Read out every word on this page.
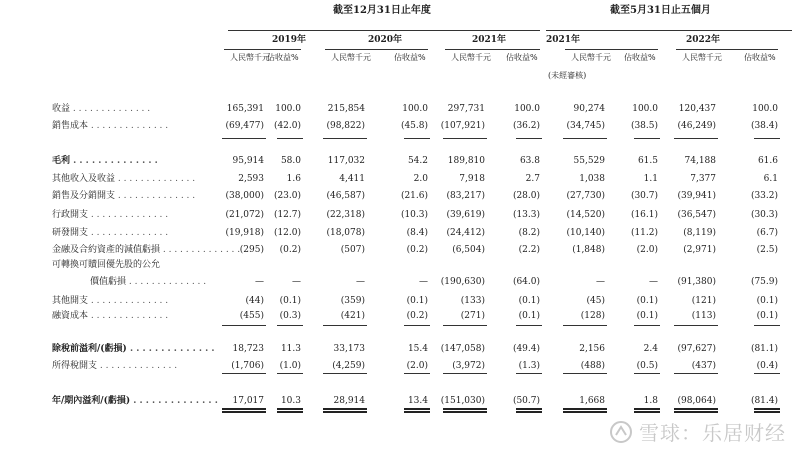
截至12月31日止年度	截至5月31日止五個月
2019年	2020年	2021年	2021年	2022年
人民幣千元
佔收益%	人民幣千元	佔收益%	人民幣千元 佔收益%	人民幣千元 佔收益%	人民幣千元	佔收益%
(未經審核)
收益 . . . . . . . . . . . . . .	165,391	100.0	215,854	100.0	297,731	100.0	90,274	100.0	120,437	100.0
銷售成本 . . . . . . . . . . . . . .	(69,477)	(42.0)	(98,822)	(45.8)	(107,921)	(36.2)	(34,745)	(38.5)	(46,249)	(38.4)
毛利 . . . . . . . . . . . . . .	95,914	58.0	117,032	54.2	189,810	63.8	55,529	61.5	74,188	61.6
其他收入及收益 . . . . . . . . . . . . . .	2,593	1.6	4,411	2.0	7,918	2.7	1,038	1.1	7,377	6.1
銷售及分銷開支 . . . . . . . . . . . . . .	(38,000)	(23.0)	(46,587)	(21.6)	(83,217)	(28.0)	(27,730)	(30.7)	(39,941)	(33.2)
行政開支 . . . . . . . . . . . . . .	(21,072)	(12.7)	(22,318)	(10.3)	(39,619)	(13.3)	(14,520)	(16.1)	(36,547)	(30.3)
研發開支 . . . . . . . . . . . . . .	(19,918)	(12.0)	(18,078)	(8.4)	(24,412)	(8.2)	(10,140)	(11.2)	(8,119)	(6.7)
金融及合約資產的減值虧損 . . . . . . . . . . . . . . (295)	(0.2)	(507)	(0.2)	(6,504)	(2.2)	(1,848)	(2.0)	(2,971)	(2.5)
可轉換可贖回優先股的公允
價值虧損 . . . . . . . . . . . . . .	—	—	—	—	(190,630)	(64.0)	—	—	(91,380)	(75.9)
其他開支 . . . . . . . . . . . . . .	(44)	(0.1)	(359)	(0.1)	(133)	(0.1)	(45)	(0.1)	(121)	(0.1)
融資成本 . . . . . . . . . . . . . .	(455)	(0.3)	(421)	(0.2)	(271)	(0.1)	(128)	(0.1)	(113)	(0.1)
除稅前溢利/(虧損) . . . . . . . . . . . . . .	18,723	11.3	33,173	15.4	(147,058)	(49.4)	2,156	2.4	(97,627)	(81.1)
所得稅開支 . . . . . . . . . . . . . .	(1,706)	(1.0)	(4,259)	(2.0)	(3,972)	(1.3)	(488)	(0.5)	(437)	(0.4)
年/期內溢利/(虧損) . . . . . . . . . . . . . .	17,017	10.3	28,914	13.4	(151,030)	(50.7)	1,668	1.8	(98,064)	(81.4)
雪球：乐居财经
